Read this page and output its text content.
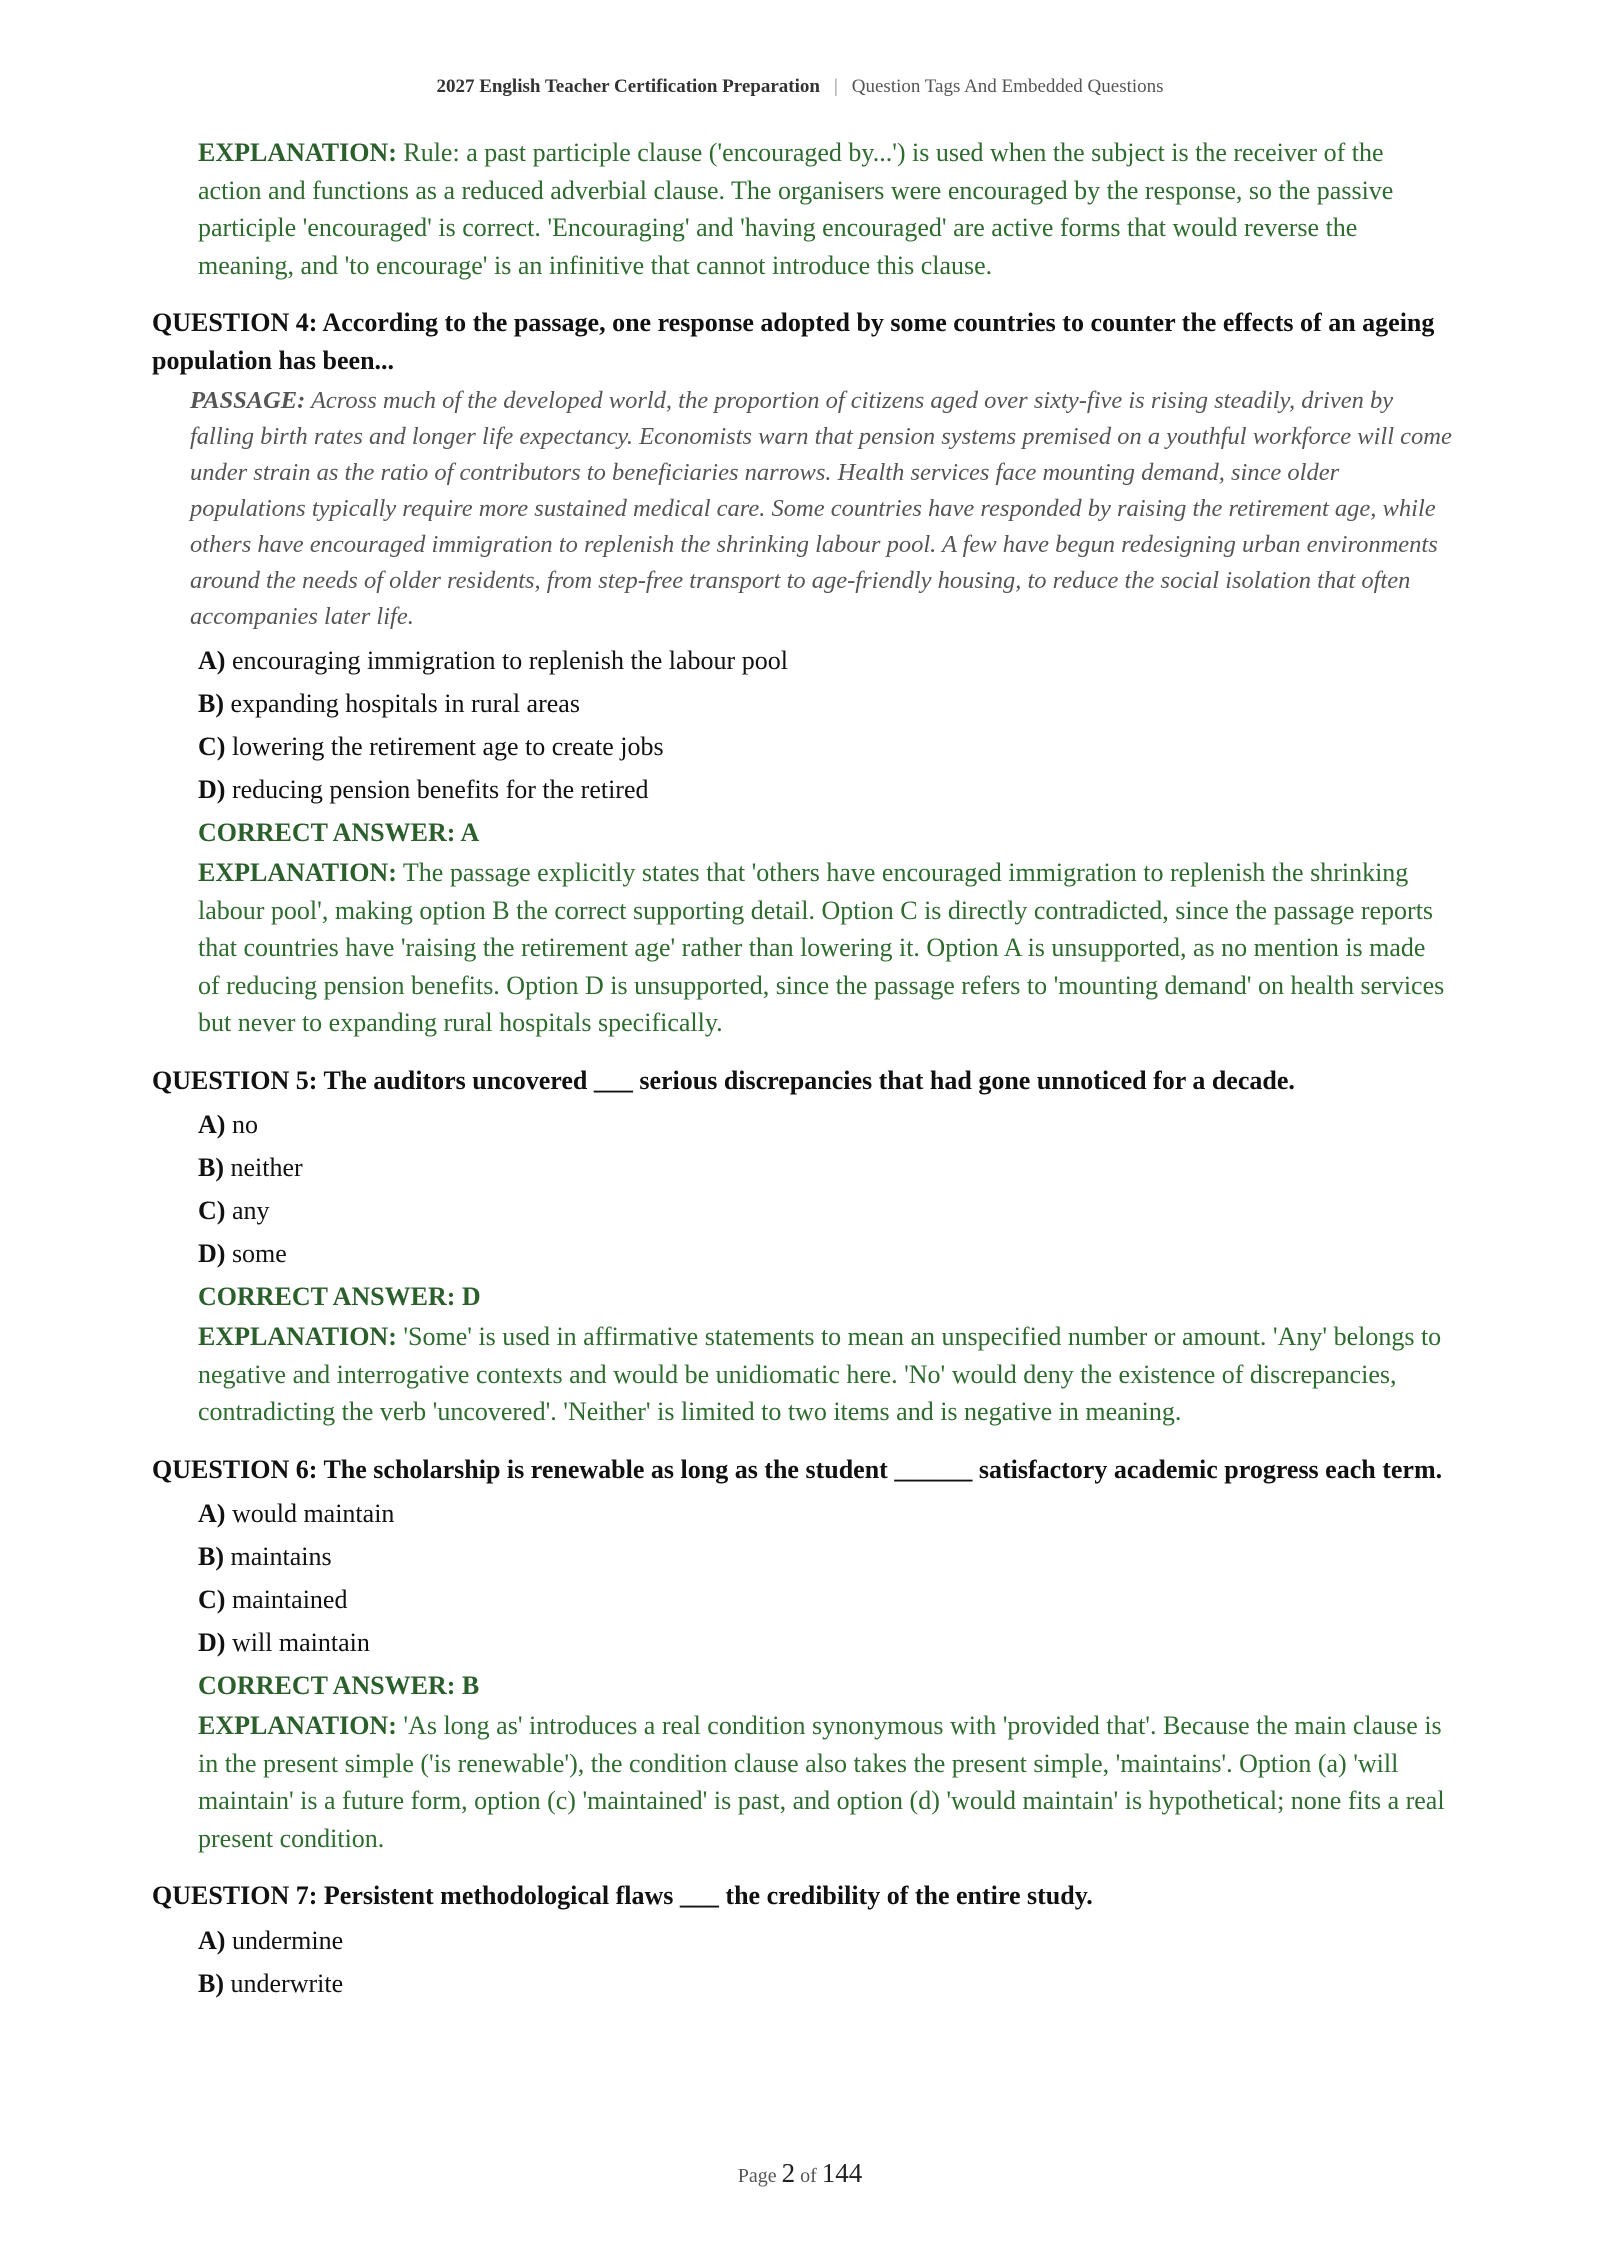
2027 English Teacher Certification Preparation | Question Tags And Embedded Questions
EXPLANATION: Rule: a past participle clause ('encouraged by...') is used when the subject is the receiver of the action and functions as a reduced adverbial clause. The organisers were encouraged by the response, so the passive participle 'encouraged' is correct. 'Encouraging' and 'having encouraged' are active forms that would reverse the meaning, and 'to encourage' is an infinitive that cannot introduce this clause.
QUESTION 4: According to the passage, one response adopted by some countries to counter the effects of an ageing population has been...
PASSAGE: Across much of the developed world, the proportion of citizens aged over sixty-five is rising steadily, driven by falling birth rates and longer life expectancy. Economists warn that pension systems premised on a youthful workforce will come under strain as the ratio of contributors to beneficiaries narrows. Health services face mounting demand, since older populations typically require more sustained medical care. Some countries have responded by raising the retirement age, while others have encouraged immigration to replenish the shrinking labour pool. A few have begun redesigning urban environments around the needs of older residents, from step-free transport to age-friendly housing, to reduce the social isolation that often accompanies later life.
A) encouraging immigration to replenish the labour pool
B) expanding hospitals in rural areas
C) lowering the retirement age to create jobs
D) reducing pension benefits for the retired
CORRECT ANSWER: A
EXPLANATION: The passage explicitly states that 'others have encouraged immigration to replenish the shrinking labour pool', making option B the correct supporting detail. Option C is directly contradicted, since the passage reports that countries have 'raising the retirement age' rather than lowering it. Option A is unsupported, as no mention is made of reducing pension benefits. Option D is unsupported, since the passage refers to 'mounting demand' on health services but never to expanding rural hospitals specifically.
QUESTION 5: The auditors uncovered ___ serious discrepancies that had gone unnoticed for a decade.
A) no
B) neither
C) any
D) some
CORRECT ANSWER: D
EXPLANATION: 'Some' is used in affirmative statements to mean an unspecified number or amount. 'Any' belongs to negative and interrogative contexts and would be unidiomatic here. 'No' would deny the existence of discrepancies, contradicting the verb 'uncovered'. 'Neither' is limited to two items and is negative in meaning.
QUESTION 6: The scholarship is renewable as long as the student ______ satisfactory academic progress each term.
A) would maintain
B) maintains
C) maintained
D) will maintain
CORRECT ANSWER: B
EXPLANATION: 'As long as' introduces a real condition synonymous with 'provided that'. Because the main clause is in the present simple ('is renewable'), the condition clause also takes the present simple, 'maintains'. Option (a) 'will maintain' is a future form, option (c) 'maintained' is past, and option (d) 'would maintain' is hypothetical; none fits a real present condition.
QUESTION 7: Persistent methodological flaws ___ the credibility of the entire study.
A) undermine
B) underwrite
Page 2 of 144
